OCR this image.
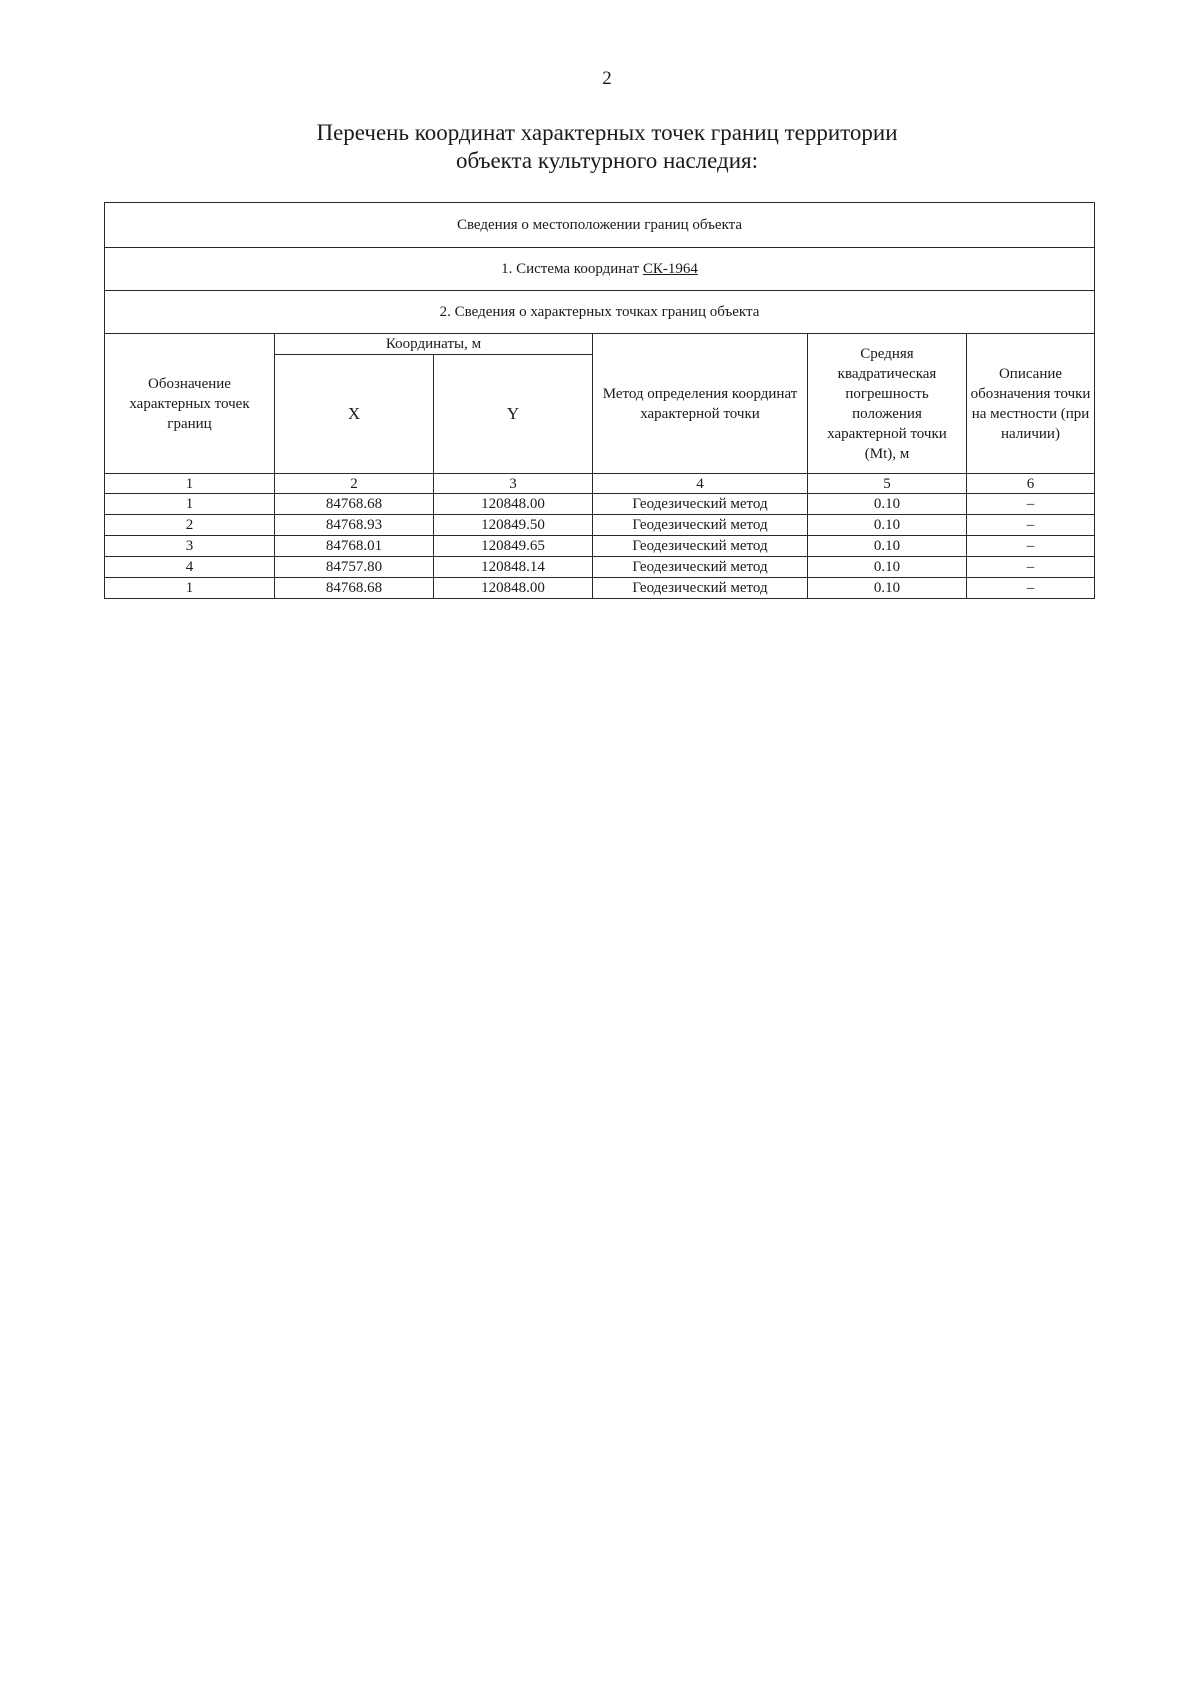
2
Перечень координат характерных точек границ территории
объекта культурного наследия:
Сведения о местоположении границ объекта					
1. Система координат СК-1964					
2. Сведения о характерных точках границ объекта					
Обозначение характерных точек границ	Координаты, м		Метод определения координат характерной точки	Средняя квадратическая погрешность положения характерной точки (Mt), м	Описание обозначения точки на местности (при наличии)
	X	Y			
1	2	3	4	5	6
1	84768.68	120848.00	Геодезический метод	0.10	–
2	84768.93	120849.50	Геодезический метод	0.10	–
3	84768.01	120849.65	Геодезический метод	0.10	–
4	84757.80	120848.14	Геодезический метод	0.10	–
1	84768.68	120848.00	Геодезический метод	0.10	–
